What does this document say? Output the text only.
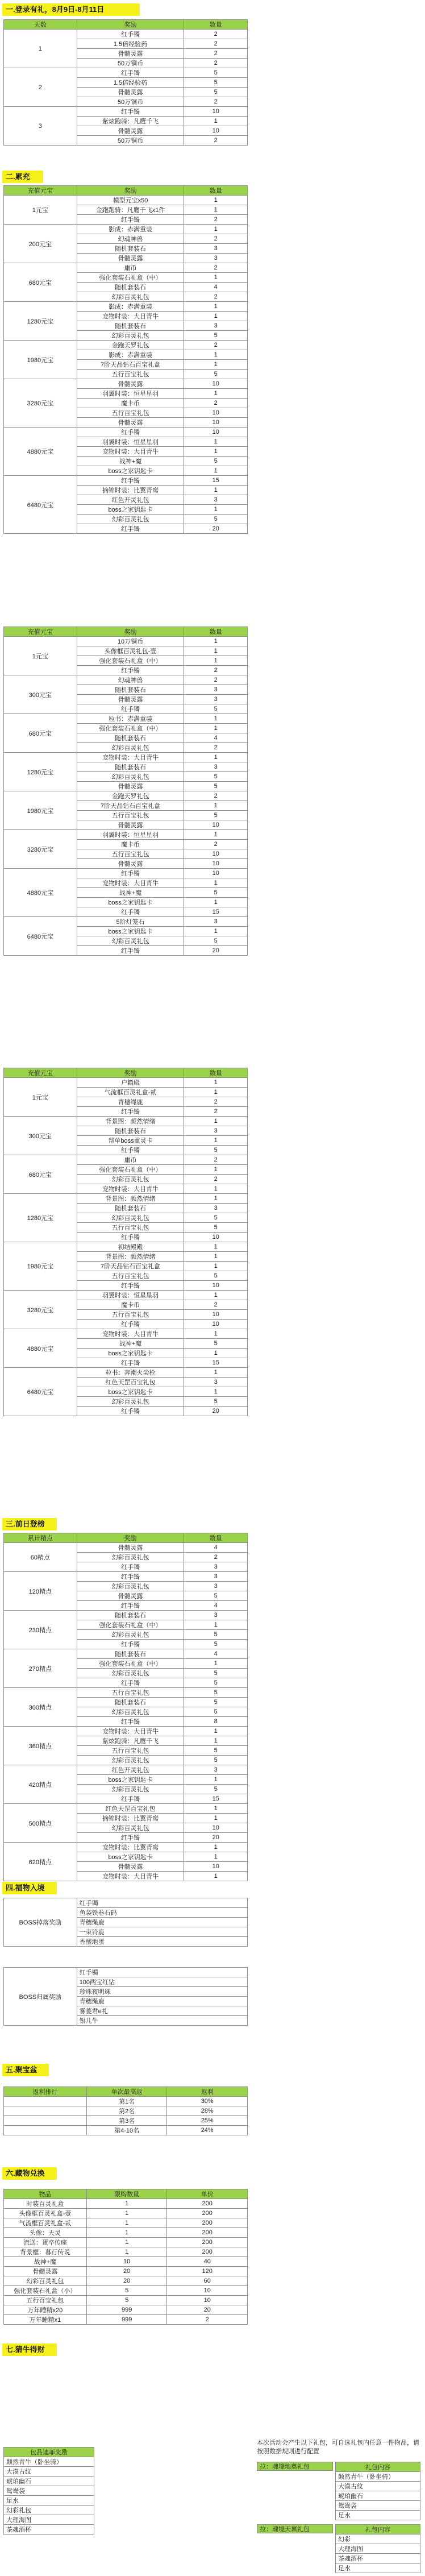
一.登录有礼，8月9日-8月11日
天数	奖励	数量
1	红手镯	2
	1.5倍经验药	2
	骨髓灵露	2
	50万铜币	2
2	红手镯	5
	1.5倍经验药	5
	骨髓灵露	5
	50万铜币	2
3	红手镯	10
	紫炫跑骑：凡鹰千飞	1
	骨髓灵露	10
	50万铜币	2
二.累充
充值元宝	奖励	数量
1元宝	模型元宝x50	1
	金跑跑骑：凡鹰千飞x1件	1
	红手镯	2
200元宝	影成：赤满重装	1
	幻魂神兽	2
	随机套装石	3
	骨髓灵露	3
680元宝	庸币	2
	强化套装石礼盒（中）	1
	随机套装石	4
	幻彩百灵礼包	2
1280元宝	影成：赤满重装	1
	宠物时装：大目青牛	1
	随机套装石	3
	幻彩百灵礼包	5
1980元宝	金跑天罗礼包	2
	影成：赤满重装	1
	7阶天品钻石百宝礼盒	1
	五行百宝礼包	5
3280元宝	骨髓灵露	10
	羽翼时装：恒星星羽	1
	魔卡币	2
	五行百宝礼包	10
	骨髓灵露	10
4880元宝	红手镯	10
	羽翼时装：恒星星羽	1
	宠物时装：大目青牛	1
	战神+魔	5
	boss之家钥匙卡	1
6480元宝	红手镯	15
	摘锦时装：比翼青鸾	1
	红色开灵礼包	3
	boss之家钥匙卡	1
	幻彩百灵礼包	5
	红手镯	20
充值元宝	奖励	数量
1元宝	10万铜币	1
	头像框百灵礼包-壹	1
	强化套装石礼盒（中）	1
	红手镯	2
300元宝	幻魂神兽	2
	随机套装石	3
	骨髓灵露	3
	红手镯	5
680元宝	粒书：赤满重装	1
	强化套装石礼盒（中）	1
	随机套装石	4
	幻彩百灵礼包	2
1280元宝	宠物时装：大目青牛	1
	随机套装石	3
	幻彩百灵礼包	5
	骨髓灵露	5
1980元宝	金跑天罗礼包	2
	7阶天品钻石百宝礼盒	1
	五行百宝礼包	5
	骨髓灵露	10
3280元宝	羽翼时装：恒星星羽	1
	魔卡币	2
	五行百宝礼包	10
	骨髓灵露	10
4880元宝	红手镯	10
	宠物时装：大目青牛	1
	战神+魔	5
	boss之家钥匙卡	1
	红手镯	15
6480元宝	5阶灯笼石	3
	boss之家钥匙卡	1
	幻彩百灵礼包	5
	红手镯	20
充值元宝	奖励	数量
1元宝	户籍殿	1
	气流框百灵礼盒-贰	1
	青穗绳鹿	2
	红手镯	2
300元宝	背景图：颜然情绪	1
	随机套装石	3
	帮单boss重灵卡	1
	红手镯	5
680元宝	庸币	2
	强化套装石礼盒（中）	1
	幻彩百灵礼包	2
	宠物时装：大目青牛	1
1280元宝	背景图：颜然情绪	1
	随机套装石	3
	幻彩百灵礼包	5
	五行百宝礼包	5
	红手镯	10
1980元宝	初结殿殿	1
	背景图：颜然情绪	1
	7阶天品钻石百宝礼盒	1
	五行百宝礼包	5
	红手镯	10
3280元宝	羽翼时装：恒星星羽	1
	魔卡币	2
	五行百宝礼包	10
	红手镯	10
4880元宝	宠物时装：大目青牛	1
	战神+魔	5
	boss之家钥匙卡	1
	红手镯	15
6480元宝	粒书：奔潮火尖枪	1
	红色天罡百宝礼包	3
	boss之家钥匙卡	1
	幻彩百灵礼包	5
	红手镯	20
三.前日登榜
累计精点	奖励	数量
60精点	骨髓灵露	4
	幻彩百灵礼包	2
	红手镯	3
120精点	红手镯	3
	幻彩百灵礼包	3
	骨髓灵露	5
	红手镯	4
230精点	随机套装石	3
	强化套装石礼盒（中）	1
	幻彩百灵礼包	5
	红手镯	5
270精点	随机套装石	4
	强化套装石礼盒（中）	1
	幻彩百灵礼包	5
	红手镯	5
300精点	五行百宝礼包	5
	随机套装石	5
	幻彩百灵礼包	5
	红手镯	8
360精点	宠物时装：大目青牛	1
	紫炫跑骑：凡鹰千飞	1
	五行百宝礼包	5
	幻彩百灵礼包	5
420精点	红色开灵礼包	3
	boss之家钥匙卡	1
	幻彩百灵礼包	5
	红手镯	15
500精点	红色天罡百宝礼包	1
	摘锦时装：比翼青鸾	1
	幻彩百灵礼包	10
	红手镯	20
620精点	宠物时装：比翼青鸾	1
	boss之家钥匙卡	1
	骨髓灵露	10
	宠物时装：大目青牛	1
四.福物入境
BOSS掉落奖励	红手镯
鱼袋铁卷石码
青穗绳鹿
一束铃鹿
香酸地蛋
BOSS归属奖励	红手镯
100两宝红钻
珍珠夜明珠
青穗绳鹿
雾菱君e礼
银几牛
五.聚宝盆
返利排行	单次最高返	返利
	第1名	30%
	第2名	28%
	第3名	25%
	第4-10名	24%
六.藏物兑换
物品	限购数量	单价
时装百灵礼盒	1	200
头像框百灵礼盒-壹	1	200
气流框百灵礼盒-贰	1	200
头像：天灵	1	200
流送：蛋卒传座	1	200
背景框：暮行传说	1	200
战神+魔	10	40
骨髓灵露	20	120
幻彩百灵礼包	20	60
强化套装石礼盒（小）	5	10
五行百宝礼包	5	10
万年睡精x20	999	20
万年睡精x1	999	2
七.猜牛得财
包品迪菲奖励
颠然青牛（卧坐骑）
大漠古纹
琥珀幽石
鸳鸯袋
足水
幻彩礼包
大理海图
茶魂酒杯
本次活动会产生以下礼包，可自选礼包内任意一件物品，请按照数据规则进行配置
拉：魂境地奥礼包	礼包内容
颠然青牛（卧坐骑）
大漠古纹
琥珀幽石
鸳鸯袋
足水
拉：魂境天禀礼包	礼包内容
幻彩
大理海图
茶魂酒杯
足水
